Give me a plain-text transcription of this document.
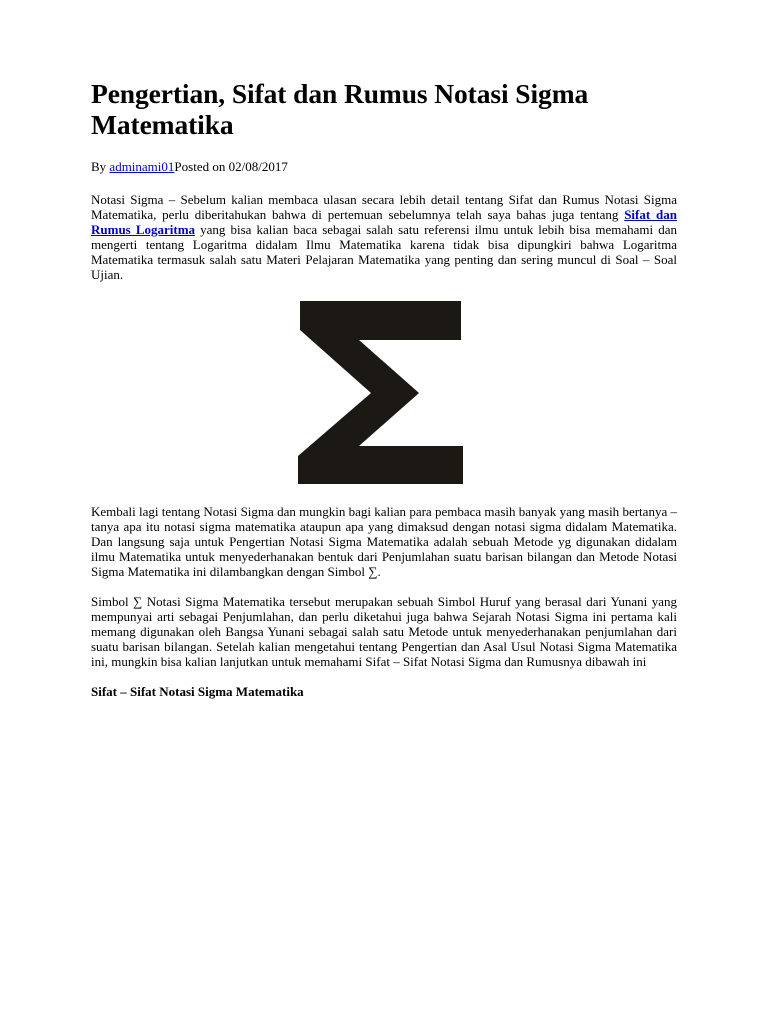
Pengertian, Sifat dan Rumus Notasi Sigma Matematika
By adminami01Posted on 02/08/2017

Notasi Sigma – Sebelum kalian membaca ulasan secara lebih detail tentang Sifat dan Rumus Notasi Sigma Matematika, perlu diberitahukan bahwa di pertemuan sebelumnya telah saya bahas juga tentang Sifat dan Rumus Logaritma yang bisa kalian baca sebagai salah satu referensi ilmu untuk lebih bisa memahami dan mengerti tentang Logaritma didalam Ilmu Matematika karena tidak bisa dipungkiri bahwa Logaritma Matematika termasuk salah satu Materi Pelajaran Matematika yang penting dan sering muncul di Soal – Soal Ujian.

Kembali lagi tentang Notasi Sigma dan mungkin bagi kalian para pembaca masih banyak yang masih bertanya – tanya apa itu notasi sigma matematika ataupun apa yang dimaksud dengan notasi sigma didalam Matematika. Dan langsung saja untuk Pengertian Notasi Sigma Matematika adalah sebuah Metode yg digunakan didalam ilmu Matematika untuk menyederhanakan bentuk dari Penjumlahan suatu barisan bilangan dan Metode Notasi Sigma Matematika ini dilambangkan dengan Simbol ∑.

Simbol ∑ Notasi Sigma Matematika tersebut merupakan sebuah Simbol Huruf yang berasal dari Yunani yang mempunyai arti sebagai Penjumlahan, dan perlu diketahui juga bahwa Sejarah Notasi Sigma ini pertama kali memang digunakan oleh Bangsa Yunani sebagai salah satu Metode untuk menyederhanakan penjumlahan dari suatu barisan bilangan. Setelah kalian mengetahui tentang Pengertian dan Asal Usul Notasi Sigma Matematika ini, mungkin bisa kalian lanjutkan untuk memahami Sifat – Sifat Notasi Sigma dan Rumusnya dibawah ini

Sifat – Sifat Notasi Sigma Matematika
